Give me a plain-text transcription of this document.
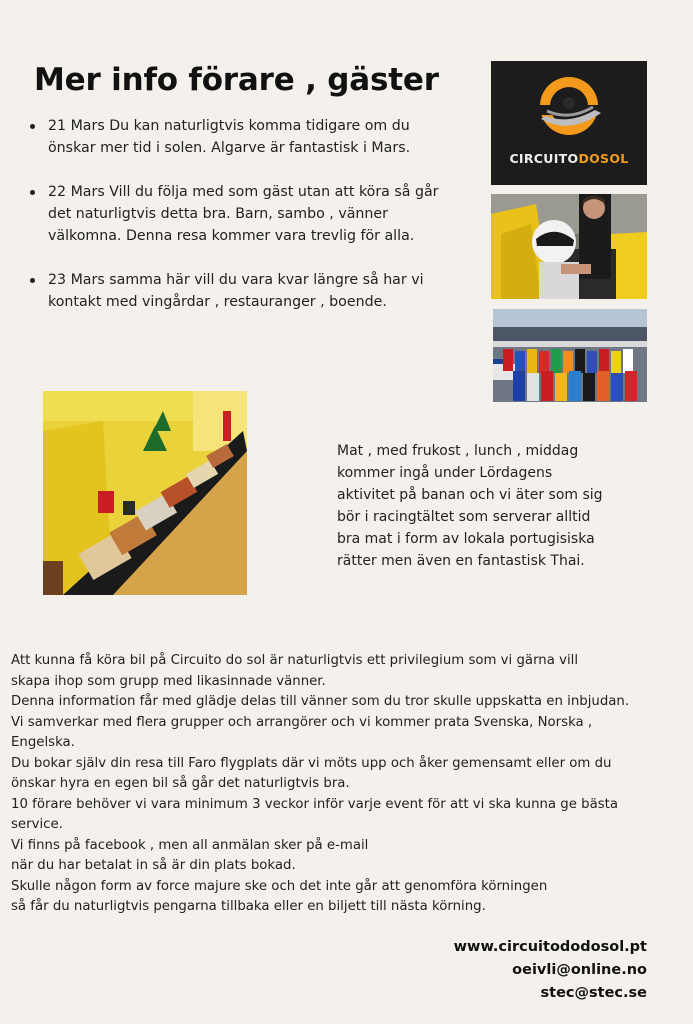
Mer info förare , gäster
21 Mars Du kan naturligtvis komma tidigare om du
önskar mer tid i solen. Algarve är fantastisk i Mars.
22 Mars Vill du följa med som gäst utan att köra så går
det naturligtvis detta bra. Barn, sambo , vänner
välkomna. Denna resa kommer vara trevlig för alla.
23 Mars samma här vill du vara kvar längre så har vi
kontakt med vingårdar , restauranger , boende.
CIRCUITODOSOL
Mat , med frukost , lunch , middag
kommer ingå under Lördagens
aktivitet på banan och vi äter som sig
bör i racingtältet som serverar alltid
bra mat i form av lokala portugisiska
rätter men även en fantastisk Thai.

Att kunna få köra bil på Circuito do sol är naturligtvis ett privilegium som vi gärna vill

skapa ihop som grupp med likasinnade vänner.

Denna information får med glädje delas till vänner som du tror skulle uppskatta en inbjudan.

Vi samverkar med flera grupper och arrangörer och vi kommer prata Svenska, Norska ,

Engelska.

Du bokar själv din resa till Faro flygplats där vi möts upp och åker gemensamt eller om du

önskar hyra en egen bil så går det naturligtvis bra.

10 förare behöver vi vara minimum 3 veckor inför varje event för att vi ska kunna ge bästa

service.

Vi finns på facebook , men all anmälan sker på e-mail

när du har betalat in så är din plats bokad.

Skulle någon form av force majure ske och det inte går att genomföra körningen

så får du naturligtvis pengarna tillbaka eller en biljett till nästa körning.

www.circuitododosol.pt
oeivli@online.no
stec@stec.se
